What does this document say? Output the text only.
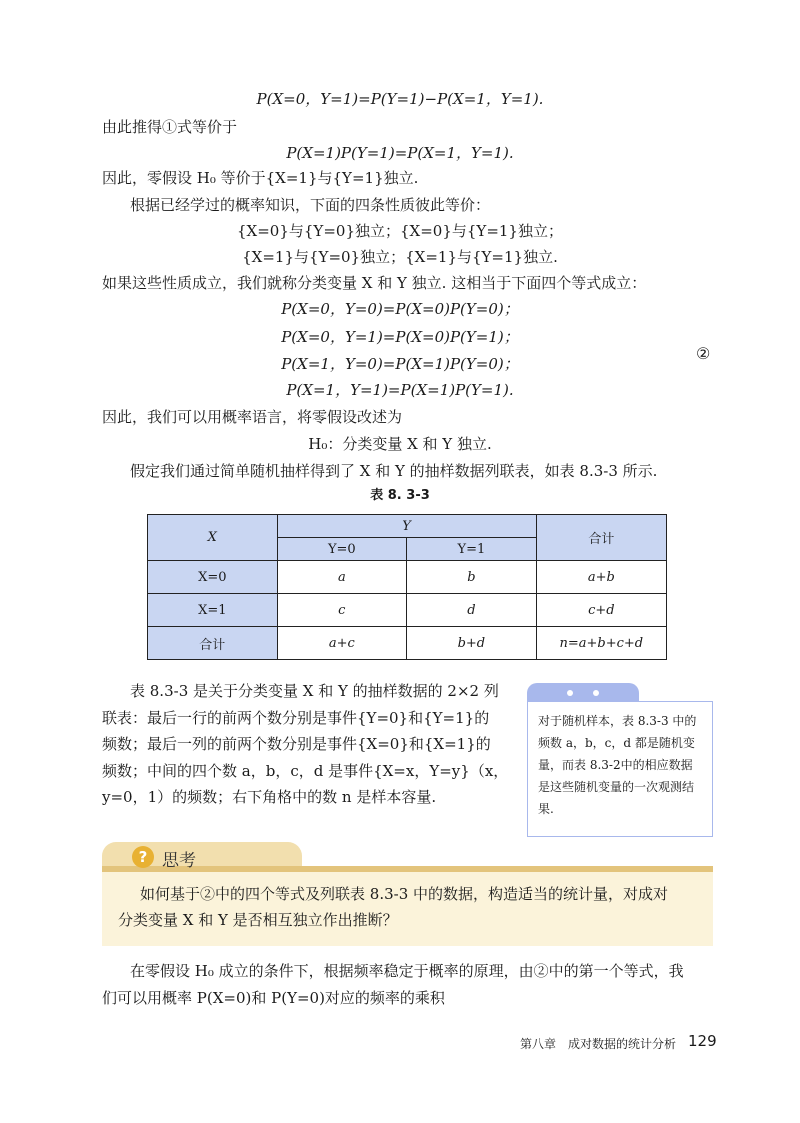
P(X=0，Y=1)=P(Y=1)−P(X=1，Y=1).
由此推得①式等价于
P(X=1)P(Y=1)=P(X=1，Y=1).
因此，零假设 H₀ 等价于{X=1}与{Y=1}独立.
根据已经学过的概率知识，下面的四条性质彼此等价：
{X=0}与{Y=0}独立；{X=0}与{Y=1}独立；
{X=1}与{Y=0}独立；{X=1}与{Y=1}独立.
如果这些性质成立，我们就称分类变量 X 和 Y 独立. 这相当于下面四个等式成立：
P(X=0，Y=0)=P(X=0)P(Y=0)；
P(X=0，Y=1)=P(X=0)P(Y=1)；
P(X=1，Y=0)=P(X=1)P(Y=0)；
P(X=1，Y=1)=P(X=1)P(Y=1).
②
因此，我们可以用概率语言，将零假设改述为
H₀：分类变量 X 和 Y 独立.
假定我们通过简单随机抽样得到了 X 和 Y 的抽样数据列联表，如表 8.3-3 所示.
表 8. 3-3
X	Y		合计
	Y=0	Y=1	
X=0	a	b	a+b
X=1	c	d	c+d
合计	a+c	b+d	n=a+b+c+d
表 8.3-3 是关于分类变量 X 和 Y 的抽样数据的 2×2 列
联表：最后一行的前两个数分别是事件{Y=0}和{Y=1}的
频数；最后一列的前两个数分别是事件{X=0}和{X=1}的
频数；中间的四个数 a，b，c，d 是事件{X=x，Y=y}（x，
y=0，1）的频数；右下角格中的数 n 是样本容量.
对于随机样本，表 8.3-3 中的频数 a，b，c，d 都是随机变量，而表 8.3-2中的相应数据是这些随机变量的一次观测结果.
? 思考
如何基于②中的四个等式及列联表 8.3-3 中的数据，构造适当的统计量，对成对
分类变量 X 和 Y 是否相互独立作出推断？
在零假设 H₀ 成立的条件下，根据频率稳定于概率的原理，由②中的第一个等式，我
们可以用概率 P(X=0)和 P(Y=0)对应的频率的乘积
第八章　成对数据的统计分析 129
